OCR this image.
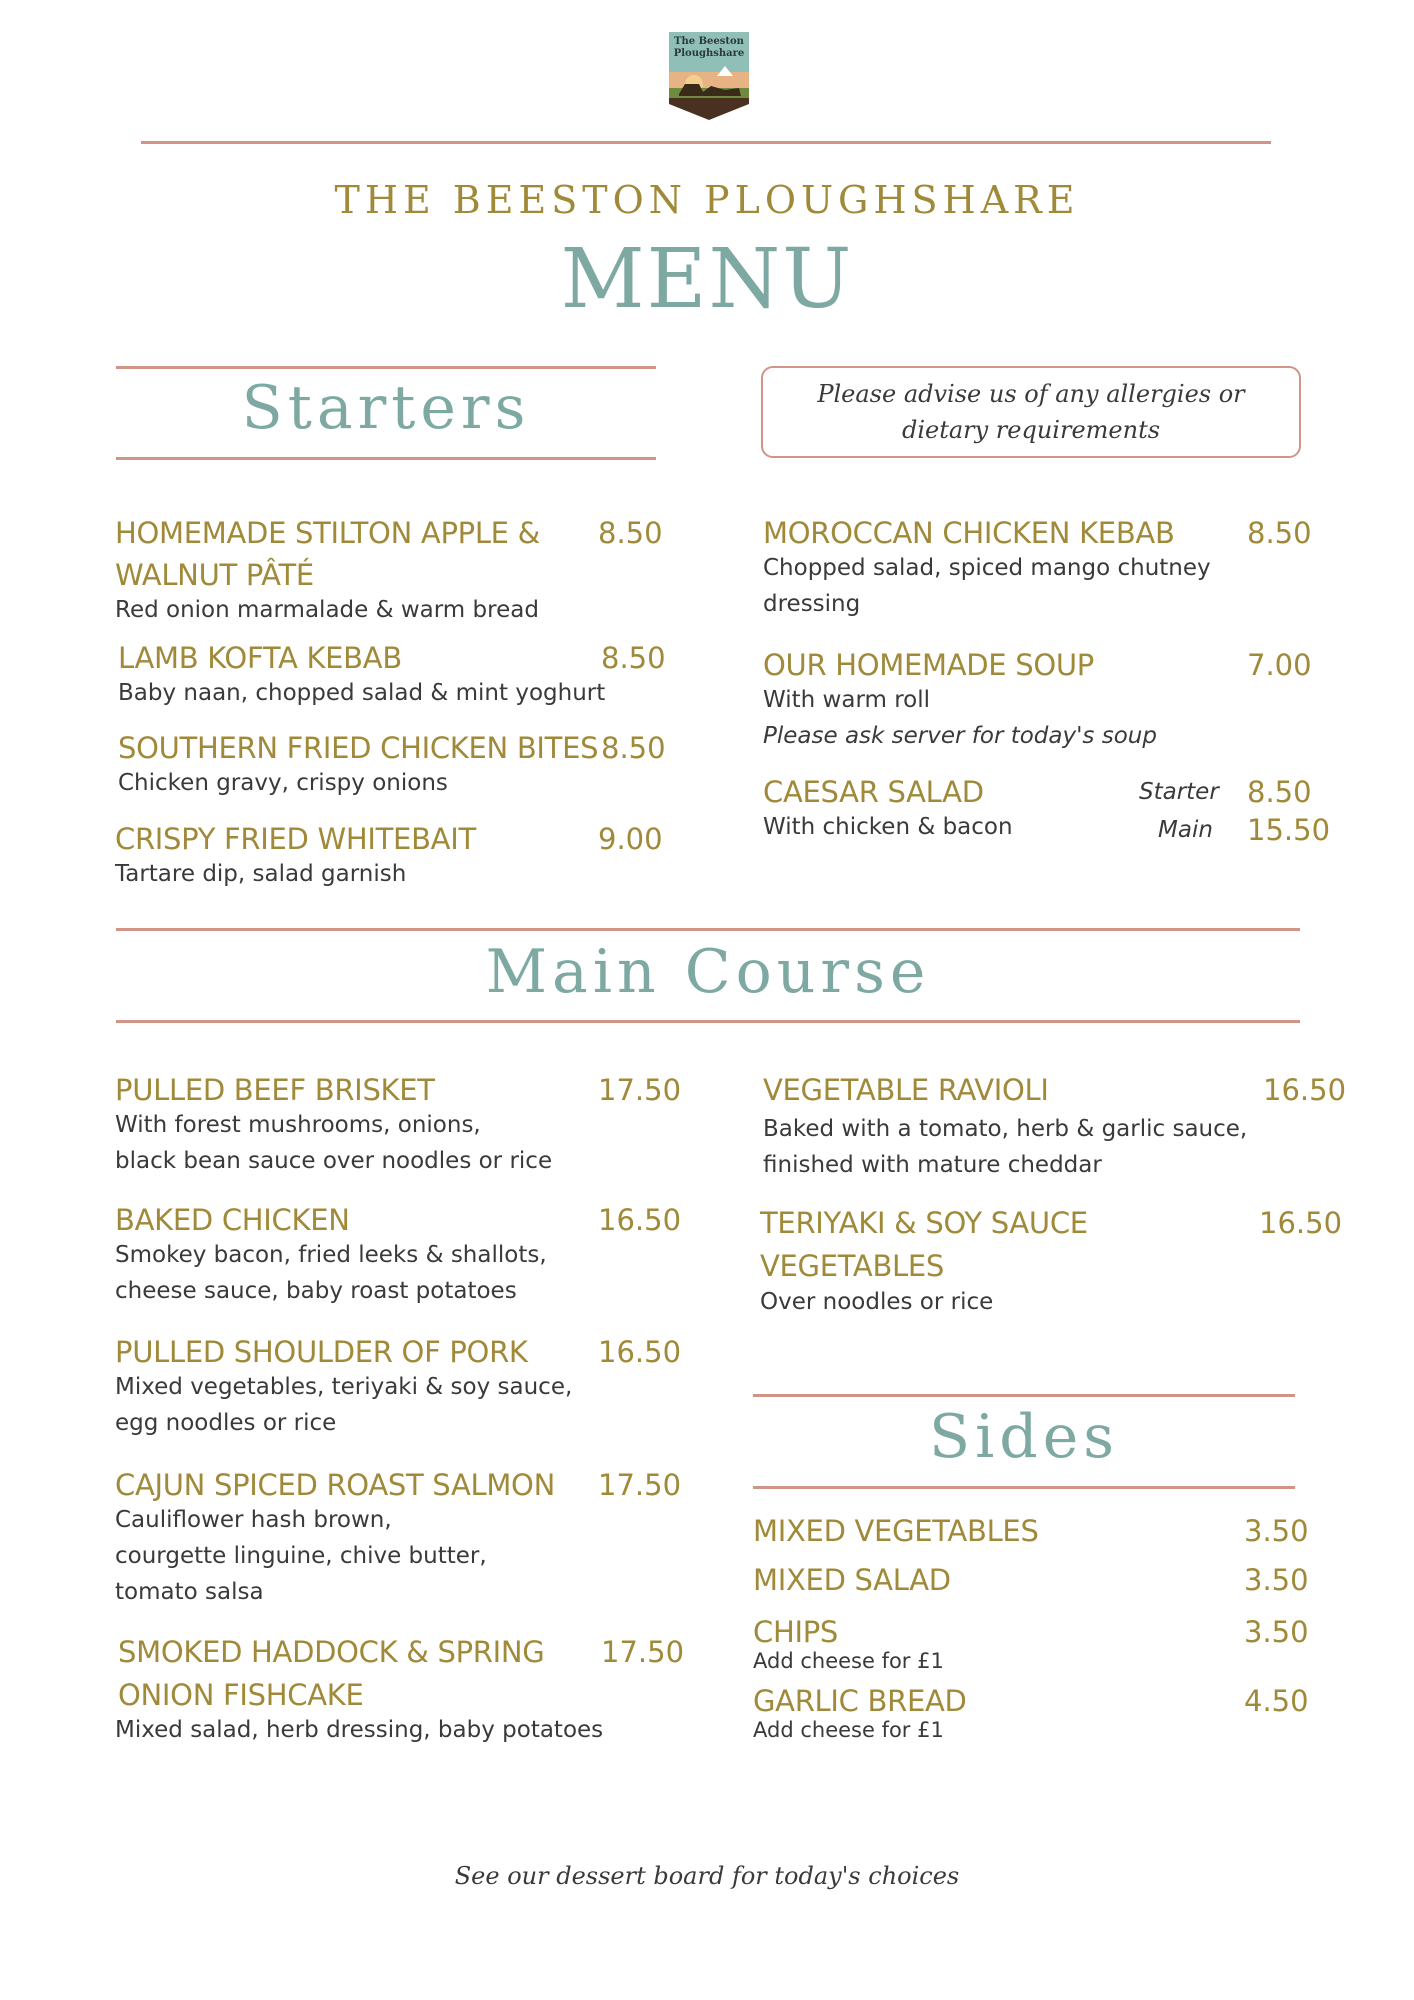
The Beeston
Ploughshare
THE BEESTON PLOUGHSHARE
MENU
Starters	Please advise us of any allergies or dietary requirements
HOMEMADE STILTON APPLE &
WALNUT PÂTÉ
8.50
Red onion marmalade & warm bread
LAMB KOFTA KEBAB	8.50
Baby naan, chopped salad & mint yoghurt
SOUTHERN FRIED CHICKEN BITES 8.50
Chicken gravy, crispy onions
CRISPY FRIED WHITEBAIT	9.00
Tartare dip, salad garnish
MOROCCAN CHICKEN KEBAB 8.50
Chopped salad, spiced mango chutney
dressing
OUR HOMEMADE SOUP	7.00
With warm roll
Please ask server for today's soup
CAESAR SALAD	Starter 8.50
With chicken & bacon	Main 15.50
Main Course
PULLED BEEF BRISKET	17.50
With forest mushrooms, onions,
black bean sauce over noodles or rice
BAKED CHICKEN	16.50
Smokey bacon, fried leeks & shallots,
cheese sauce, baby roast potatoes
PULLED SHOULDER OF PORK 16.50
Mixed vegetables, teriyaki & soy sauce,
egg noodles or rice
CAJUN SPICED ROAST SALMON 17.50
Cauliflower hash brown,
courgette linguine, chive butter,
tomato salsa
SMOKED HADDOCK & SPRING
ONION FISHCAKE
17.50
Mixed salad, herb dressing, baby potatoes
VEGETABLE RAVIOLI	16.50
Baked with a tomato, herb & garlic sauce,
finished with mature cheddar
TERIYAKI & SOY SAUCE
VEGETABLES
16.50
Over noodles or rice
Sides
MIXED VEGETABLES	3.50
MIXED SALAD	3.50
CHIPS	3.50
Add cheese for £1
GARLIC BREAD	4.50
Add cheese for £1
See our dessert board for today's choices
